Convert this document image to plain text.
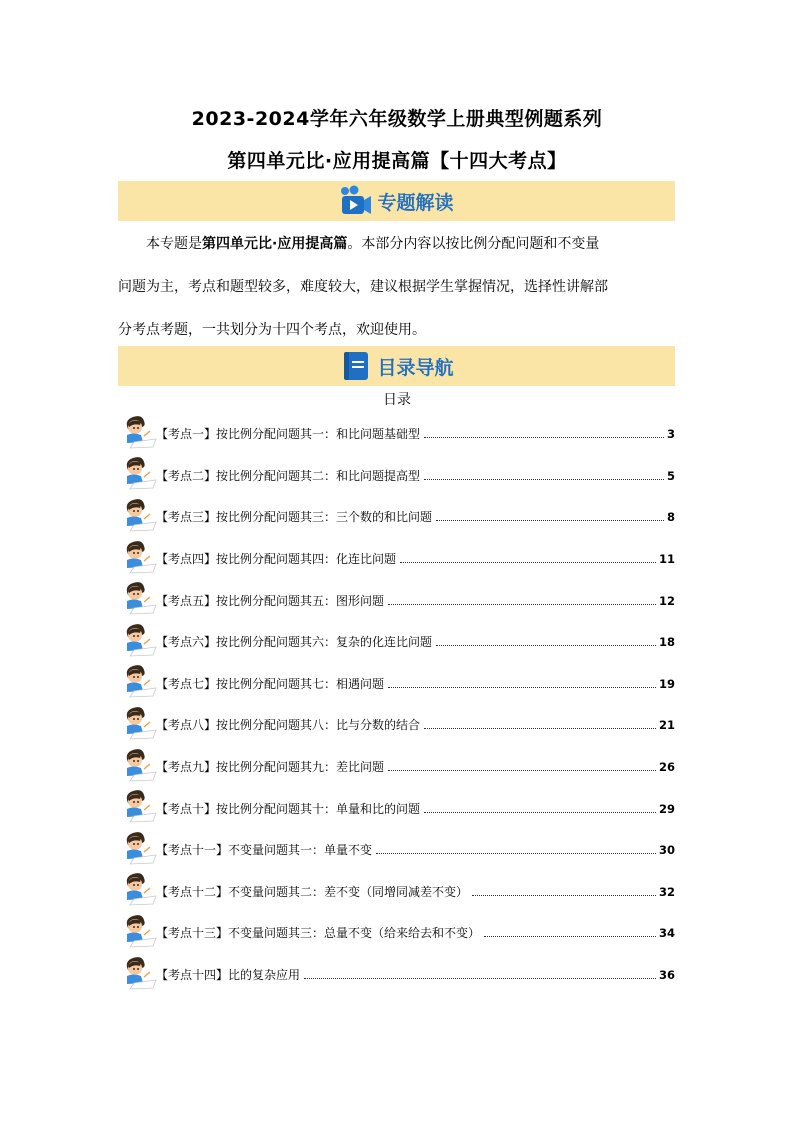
2023-2024学年六年级数学上册典型例题系列
第四单元比·应用提高篇【十四大考点】
专题解读

本专题是第四单元比·应用提高篇。本部分内容以按比例分配问题和不变量

问题为主，考点和题型较多，难度较大，建议根据学生掌握情况，选择性讲解部

分考点考题，一共划分为十四个考点，欢迎使用。

目录导航
日录
【考点一】按比例分配问题其一：和比问题基础型	3
【考点二】按比例分配问题其二：和比问题提高型	5
【考点三】按比例分配问题其三：三个数的和比问题	8
【考点四】按比例分配问题其四：化连比问题	11
【考点五】按比例分配问题其五：图形问题	12
【考点六】按比例分配问题其六：复杂的化连比问题	18
【考点七】按比例分配问题其七：相遇问题	19
【考点八】按比例分配问题其八：比与分数的结合	21
【考点九】按比例分配问题其九：差比问题	26
【考点十】按比例分配问题其十：单量和比的问题	29
【考点十一】不变量问题其一：单量不变	30
【考点十二】不变量问题其二：差不变（同增同减差不变）	32
【考点十三】不变量问题其三：总量不变（给来给去和不变）	34
【考点十四】比的复杂应用	36
